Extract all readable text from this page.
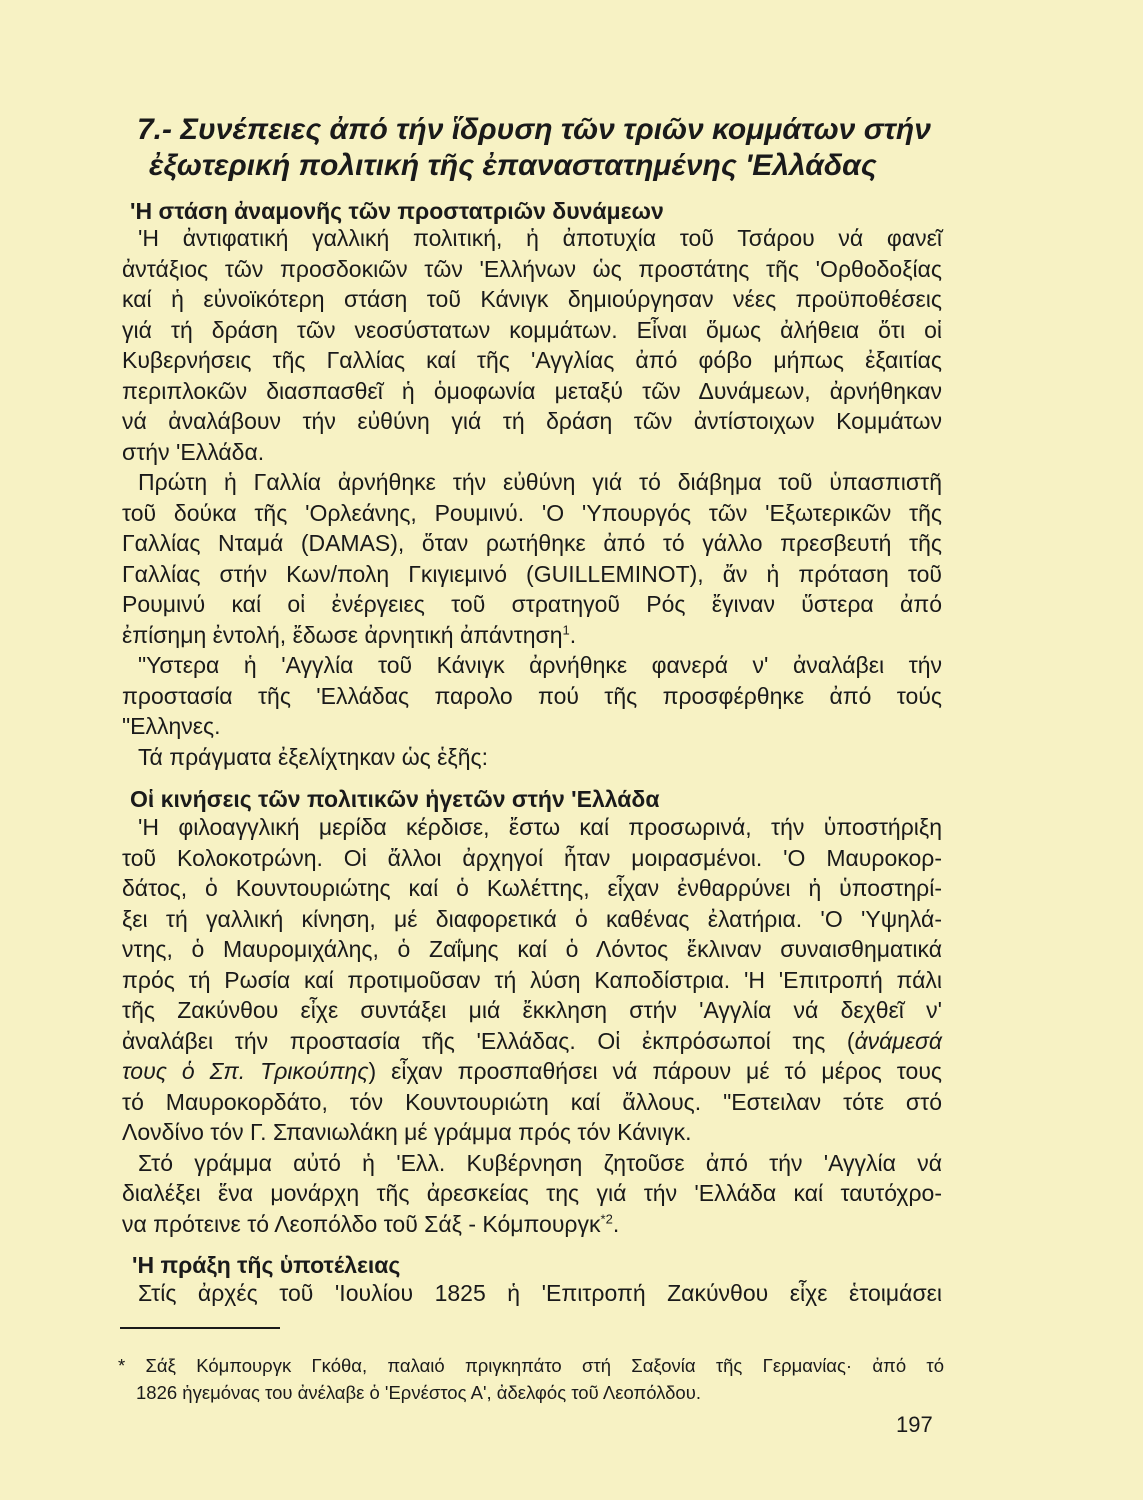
7.- Συνέπειες ἀπό τήν ἵδρυση τῶν τριῶν κομμάτων στήν
ἐξωτερική πολιτική τῆς ἐπαναστατημένης 'Ελλάδας
'Η στάση ἀναμονῆς τῶν προστατριῶν δυνάμεων
'Η ἀντιφατική γαλλική πολιτική, ἡ ἀποτυχία τοῦ Τσάρου νά φανεῖ
ἀντάξιος τῶν προσδοκιῶν τῶν 'Ελλήνων ὡς προστάτης τῆς 'Ορθοδοξίας
καί ἡ εὐνοϊκότερη στάση τοῦ Κάνιγκ δημιούργησαν νέες προϋποθέσεις
γιά τή δράση τῶν νεοσύστατων κομμάτων. Εἶναι ὅμως ἀλήθεια ὅτι οἱ
Κυβερνήσεις τῆς Γαλλίας καί τῆς 'Αγγλίας ἀπό φόβο μήπως ἐξαιτίας
περιπλοκῶν διασπασθεῖ ἡ ὁμοφωνία μεταξύ τῶν Δυνάμεων, ἀρνήθηκαν
νά ἀναλάβουν τήν εὐθύνη γιά τή δράση τῶν ἀντίστοιχων Κομμάτων
στήν 'Ελλάδα.
Πρώτη ἡ Γαλλία ἀρνήθηκε τήν εὐθύνη γιά τό διάβημα τοῦ ὑπασπιστῆ
τοῦ δούκα τῆς 'Ορλεάνης, Ρουμινύ. 'Ο 'Υπουργός τῶν 'Εξωτερικῶν τῆς
Γαλλίας Νταμά (DAMAS), ὅταν ρωτήθηκε ἀπό τό γάλλο πρεσβευτή τῆς
Γαλλίας στήν Κων/πολη Γκιγιεμινό (GUILLEMINOT), ἄν ἡ πρόταση τοῦ
Ρουμινύ καί οἱ ἐνέργειες τοῦ στρατηγοῦ Ρός ἔγιναν ὕστερα ἀπό
ἐπίσημη ἐντολή, ἔδωσε ἀρνητική ἀπάντηση$^1$.
"Υστερα ἡ 'Αγγλία τοῦ Κάνιγκ ἀρνήθηκε φανερά ν' ἀναλάβει τήν
προστασία τῆς 'Ελλάδας παρολο πού τῆς προσφέρθηκε ἀπό τούς
"Ελληνες.
Τά πράγματα ἐξελίχτηκαν ὡς ἑξῆς:
Οἱ κινήσεις τῶν πολιτικῶν ἡγετῶν στήν 'Ελλάδα
'Η φιλοαγγλική μερίδα κέρδισε, ἔστω καί προσωρινά, τήν ὑποστήριξη
τοῦ Κολοκοτρώνη. Οἱ ἄλλοι ἀρχηγοί ἦταν μοιρασμένοι. 'Ο Μαυροκορ-
δάτος, ὁ Κουντουριώτης καί ὁ Κωλέττης, εἶχαν ἐνθαρρύνει ἡ ὑποστηρί-
ξει τή γαλλική κίνηση, μέ διαφορετικά ὁ καθένας ἐλατήρια. 'Ο 'Υψηλά-
ντης, ὁ Μαυρομιχάλης, ὁ Ζαΐμης καί ὁ Λόντος ἔκλιναν συναισθηματικά
πρός τή Ρωσία καί προτιμοῦσαν τή λύση Καποδίστρια. 'Η 'Επιτροπή πάλι
τῆς Ζακύνθου εἶχε συντάξει μιά ἔκκληση στήν 'Αγγλία νά δεχθεῖ ν'
ἀναλάβει τήν προστασία τῆς 'Ελλάδας. Οἱ ἐκπρόσωποί της (ἀνάμεσά
τους ὁ Σπ. Τρικούπης) εἶχαν προσπαθήσει νά πάρουν μέ τό μέρος τους
τό Μαυροκορδάτο, τόν Κουντουριώτη καί ἄλλους. "Εστειλαν τότε στό
Λονδίνο τόν Γ. Σπανιωλάκη μέ γράμμα πρός τόν Κάνιγκ.
Στό γράμμα αὐτό ἡ 'Ελλ. Κυβέρνηση ζητοῦσε ἀπό τήν 'Αγγλία νά
διαλέξει ἕνα μονάρχη τῆς ἀρεσκείας της γιά τήν 'Ελλάδα καί ταυτόχρο-
να πρότεινε τό Λεοπόλδο τοῦ Σάξ - Κόμπουργκ$^{*2}$.
'Η πράξη τῆς ὑποτέλειας
Στίς ἀρχές τοῦ 'Ιουλίου 1825 ἡ 'Επιτροπή Ζακύνθου εἶχε ἑτοιμάσει
* Σάξ Κόμπουργκ Γκόθα, παλαιό πριγκηπάτο στή Σαξονία τῆς Γερμανίας· ἀπό τό
1826 ἡγεμόνας του ἀνέλαβε ὁ 'Ερνέστος Α', ἀδελφός τοῦ Λεοπόλδου.
197
